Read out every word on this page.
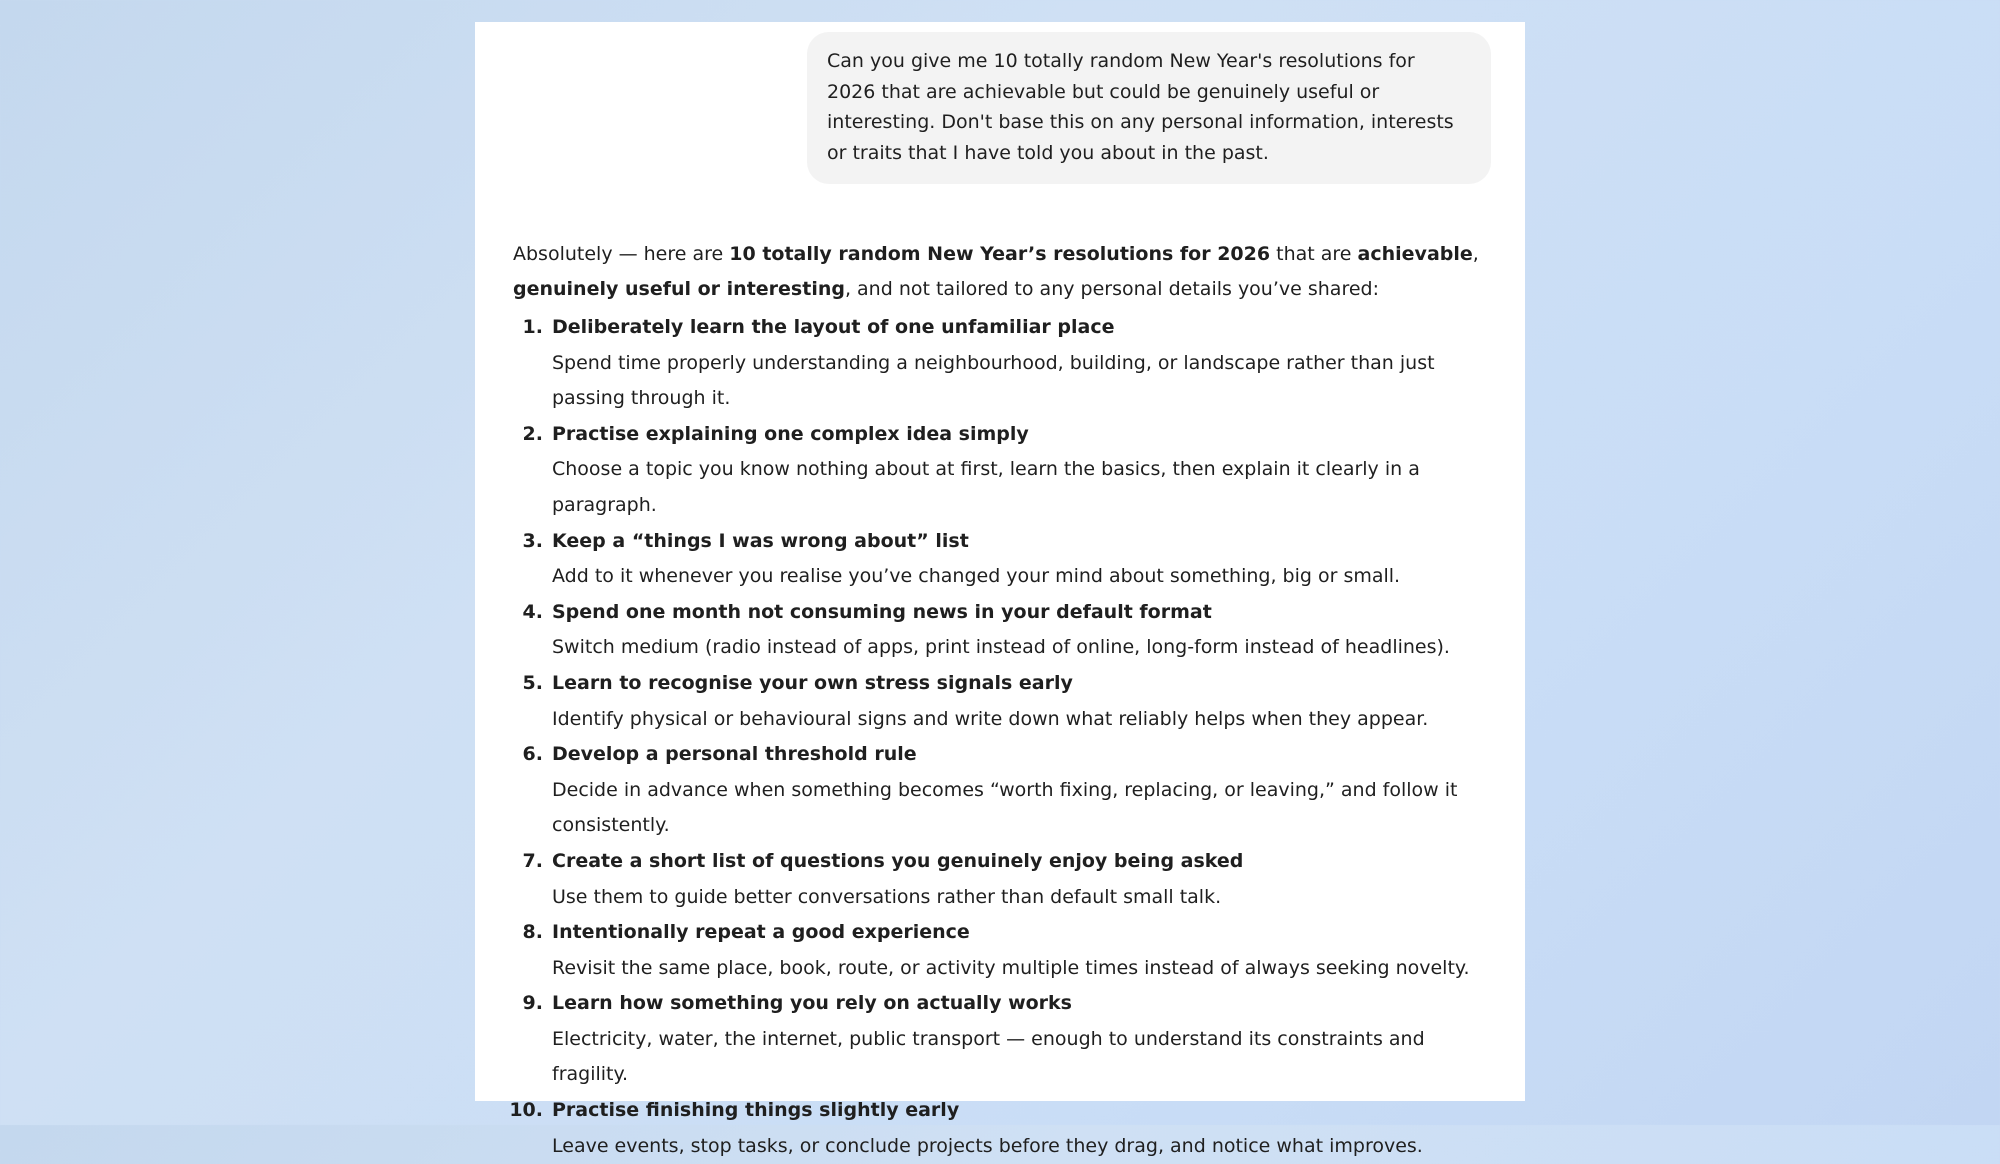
Can you give me 10 totally random New Year's resolutions for 2026 that are achievable but could be genuinely useful or interesting. Don't base this on any personal information, interests or traits that I have told you about in the past.

Absolutely — here are 10 totally random New Year’s resolutions for 2026 that are achievable, genuinely useful or interesting, and not tailored to any personal details you’ve shared:

1. Deliberately learn the layout of one unfamiliar place
Spend time properly understanding a neighbourhood, building, or landscape rather than just passing through it.
2. Practise explaining one complex idea simply
Choose a topic you know nothing about at first, learn the basics, then explain it clearly in a paragraph.
3. Keep a “things I was wrong about” list
Add to it whenever you realise you’ve changed your mind about something, big or small.
4. Spend one month not consuming news in your default format
Switch medium (radio instead of apps, print instead of online, long-form instead of headlines).
5. Learn to recognise your own stress signals early
Identify physical or behavioural signs and write down what reliably helps when they appear.
6. Develop a personal threshold rule
Decide in advance when something becomes “worth fixing, replacing, or leaving,” and follow it consistently.
7. Create a short list of questions you genuinely enjoy being asked
Use them to guide better conversations rather than default small talk.
8. Intentionally repeat a good experience
Revisit the same place, book, route, or activity multiple times instead of always seeking novelty.
9. Learn how something you rely on actually works
Electricity, water, the internet, public transport — enough to understand its constraints and fragility.
10. Practise finishing things slightly early
Leave events, stop tasks, or conclude projects before they drag, and notice what improves.
